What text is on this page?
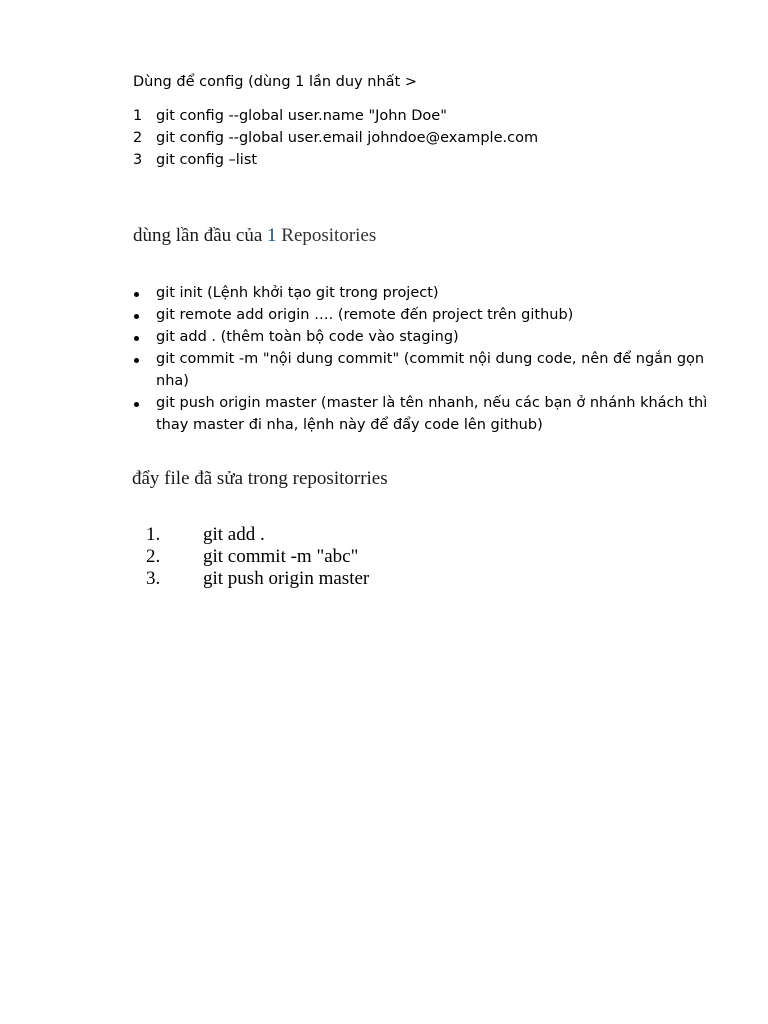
Dùng để config (dùng 1 lần duy nhất >
1 git config --global user.name "John Doe"
2 git config --global user.email johndoe@example.com
3 git config –list
dùng lần đầu của 1 Repositories
git init (Lệnh khởi tạo git trong project)
git remote add origin …. (remote đến project trên github)
git add . (thêm toàn bộ code vào staging)
git commit -m "nội dung commit" (commit nội dung code, nên để ngắn gọn nha)
git push origin master (master là tên nhanh, nếu các bạn ở nhánh khách thì thay master đi nha, lệnh này để đẩy code lên github)
đẩy file đã sửa trong repositorries
1.	git add .
2.	git commit -m "abc"
3.	git push origin master
